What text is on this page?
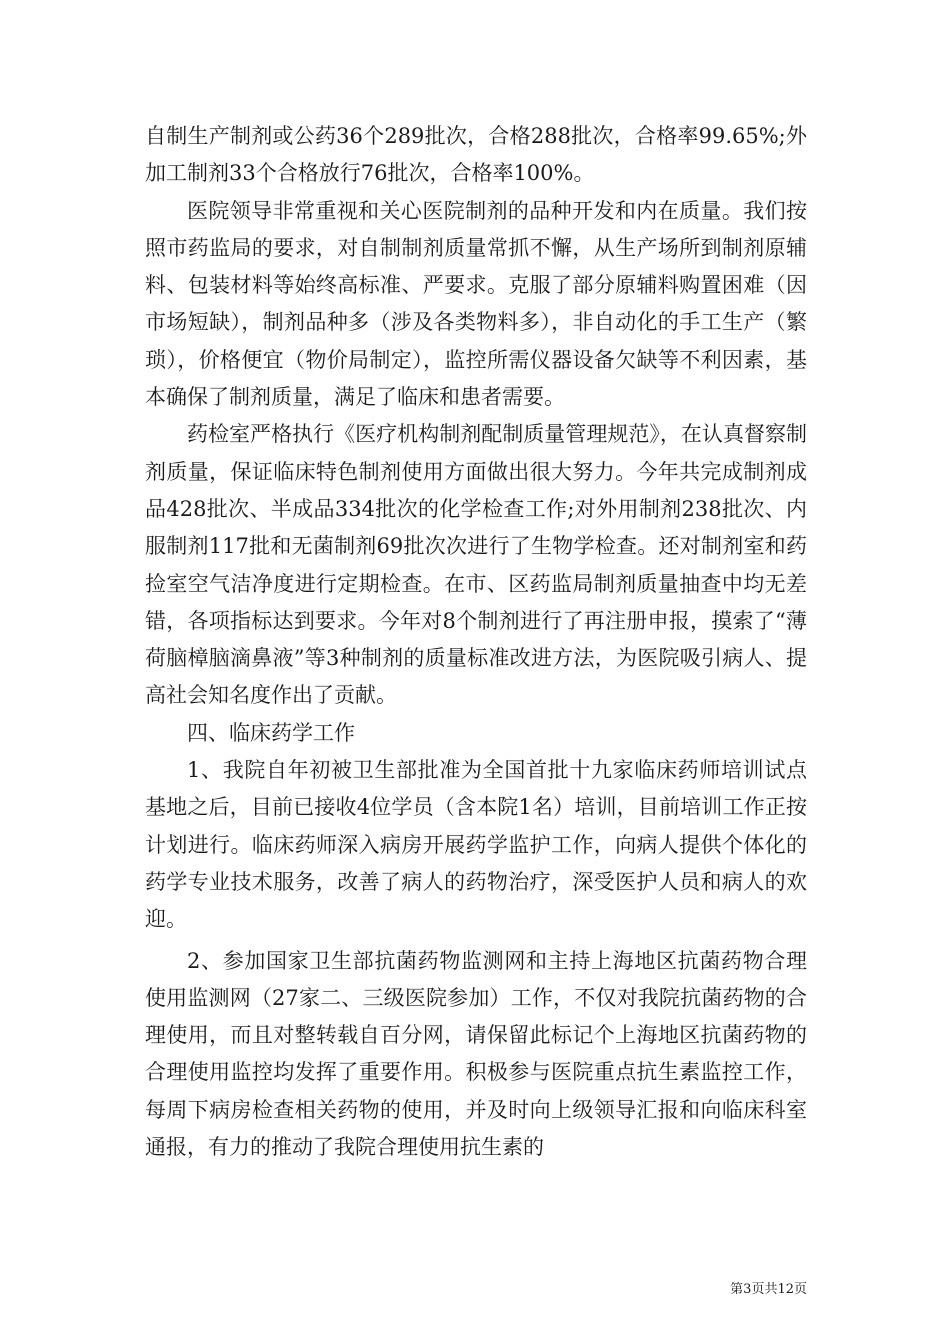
自制生产制剂或公药36个289批次，合格288批次，合格率99.65%;外加工制剂33个合格放行76批次，合格率100%。

医院领导非常重视和关心医院制剂的品种开发和内在质量。我们按照市药监局的要求，对自制制剂质量常抓不懈，从生产场所到制剂原辅料、包装材料等始终高标准、严要求。克服了部分原辅料购置困难（因市场短缺），制剂品种多（涉及各类物料多），非自动化的手工生产（繁琐），价格便宜（物价局制定），监控所需仪器设备欠缺等不利因素，基本确保了制剂质量，满足了临床和患者需要。

药检室严格执行《医疗机构制剂配制质量管理规范》，在认真督察制剂质量，保证临床特色制剂使用方面做出很大努力。今年共完成制剂成品428批次、半成品334批次的化学检查工作;对外用制剂238批次、内服制剂117批和无菌制剂69批次次进行了生物学检查。还对制剂室和药捡室空气洁净度进行定期检查。在市、区药监局制剂质量抽查中均无差错，各项指标达到要求。今年对8个制剂进行了再注册申报，摸索了“薄荷脑樟脑滴鼻液”等3种制剂的质量标准改进方法，为医院吸引病人、提高社会知名度作出了贡献。

四、临床药学工作

1、我院自年初被卫生部批准为全国首批十九家临床药师培训试点基地之后，目前已接收4位学员（含本院1名）培训，目前培训工作正按计划进行。临床药师深入病房开展药学监护工作，向病人提供个体化的药学专业技术服务，改善了病人的药物治疗，深受医护人员和病人的欢迎。

2、参加国家卫生部抗菌药物监测网和主持上海地区抗菌药物合理使用监测网（27家二、三级医院参加）工作，不仅对我院抗菌药物的合理使用，而且对整转载自百分网，请保留此标记个上海地区抗菌药物的合理使用监控均发挥了重要作用。积极参与医院重点抗生素监控工作，每周下病房检查相关药物的使用，并及时向上级领导汇报和向临床科室通报，有力的推动了我院合理使用抗生素的

第3页共12页
